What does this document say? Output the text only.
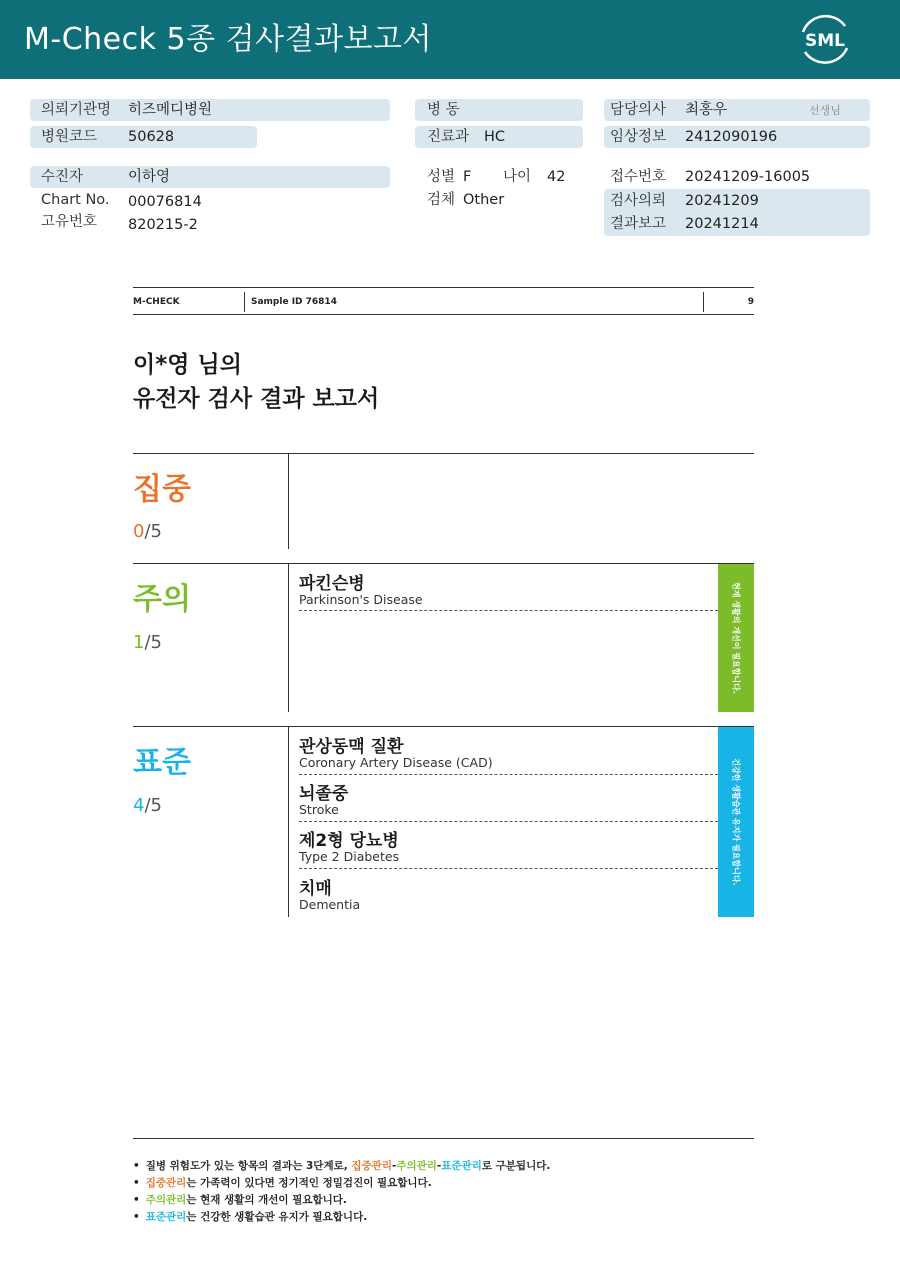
M-Check 5종 검사결과보고서	SML
의뢰기관명 히즈메디병원
병원코드 50628
수진자	이하영
Chart No. 00076814
고유번호 820215-2
병 동
진료과 HC
성별 F 나이 42
검체 Other
담당의사 최홍우	선생님
임상정보 2412090196
접수번호 20241209-16005
검사의뢰 20241209
결과보고 20241214
M-CHECK	Sample ID 76814	9
이*영 님의
유전자 검사 결과 보고서
집중
0/5
주의
1/5
파킨슨병
Parkinson's Disease	현재 생활의 개선이 필요합니다.
표준
4/5
관상동맥 질환
Coronary Artery Disease (CAD)
뇌졸중
Stroke
제2형 당뇨병
Type 2 Diabetes
치매
Dementia
건강한 생활습관 유지가 필요합니다.
• 질병 위험도가 있는 항목의 결과는 3단계로, 집중관리-주의관리-표준관리로 구분됩니다.
• 집중관리는 가족력이 있다면 정기적인 정밀검진이 필요합니다.
• 주의관리는 현재 생활의 개선이 필요합니다.
• 표준관리는 건강한 생활습관 유지가 필요합니다.
